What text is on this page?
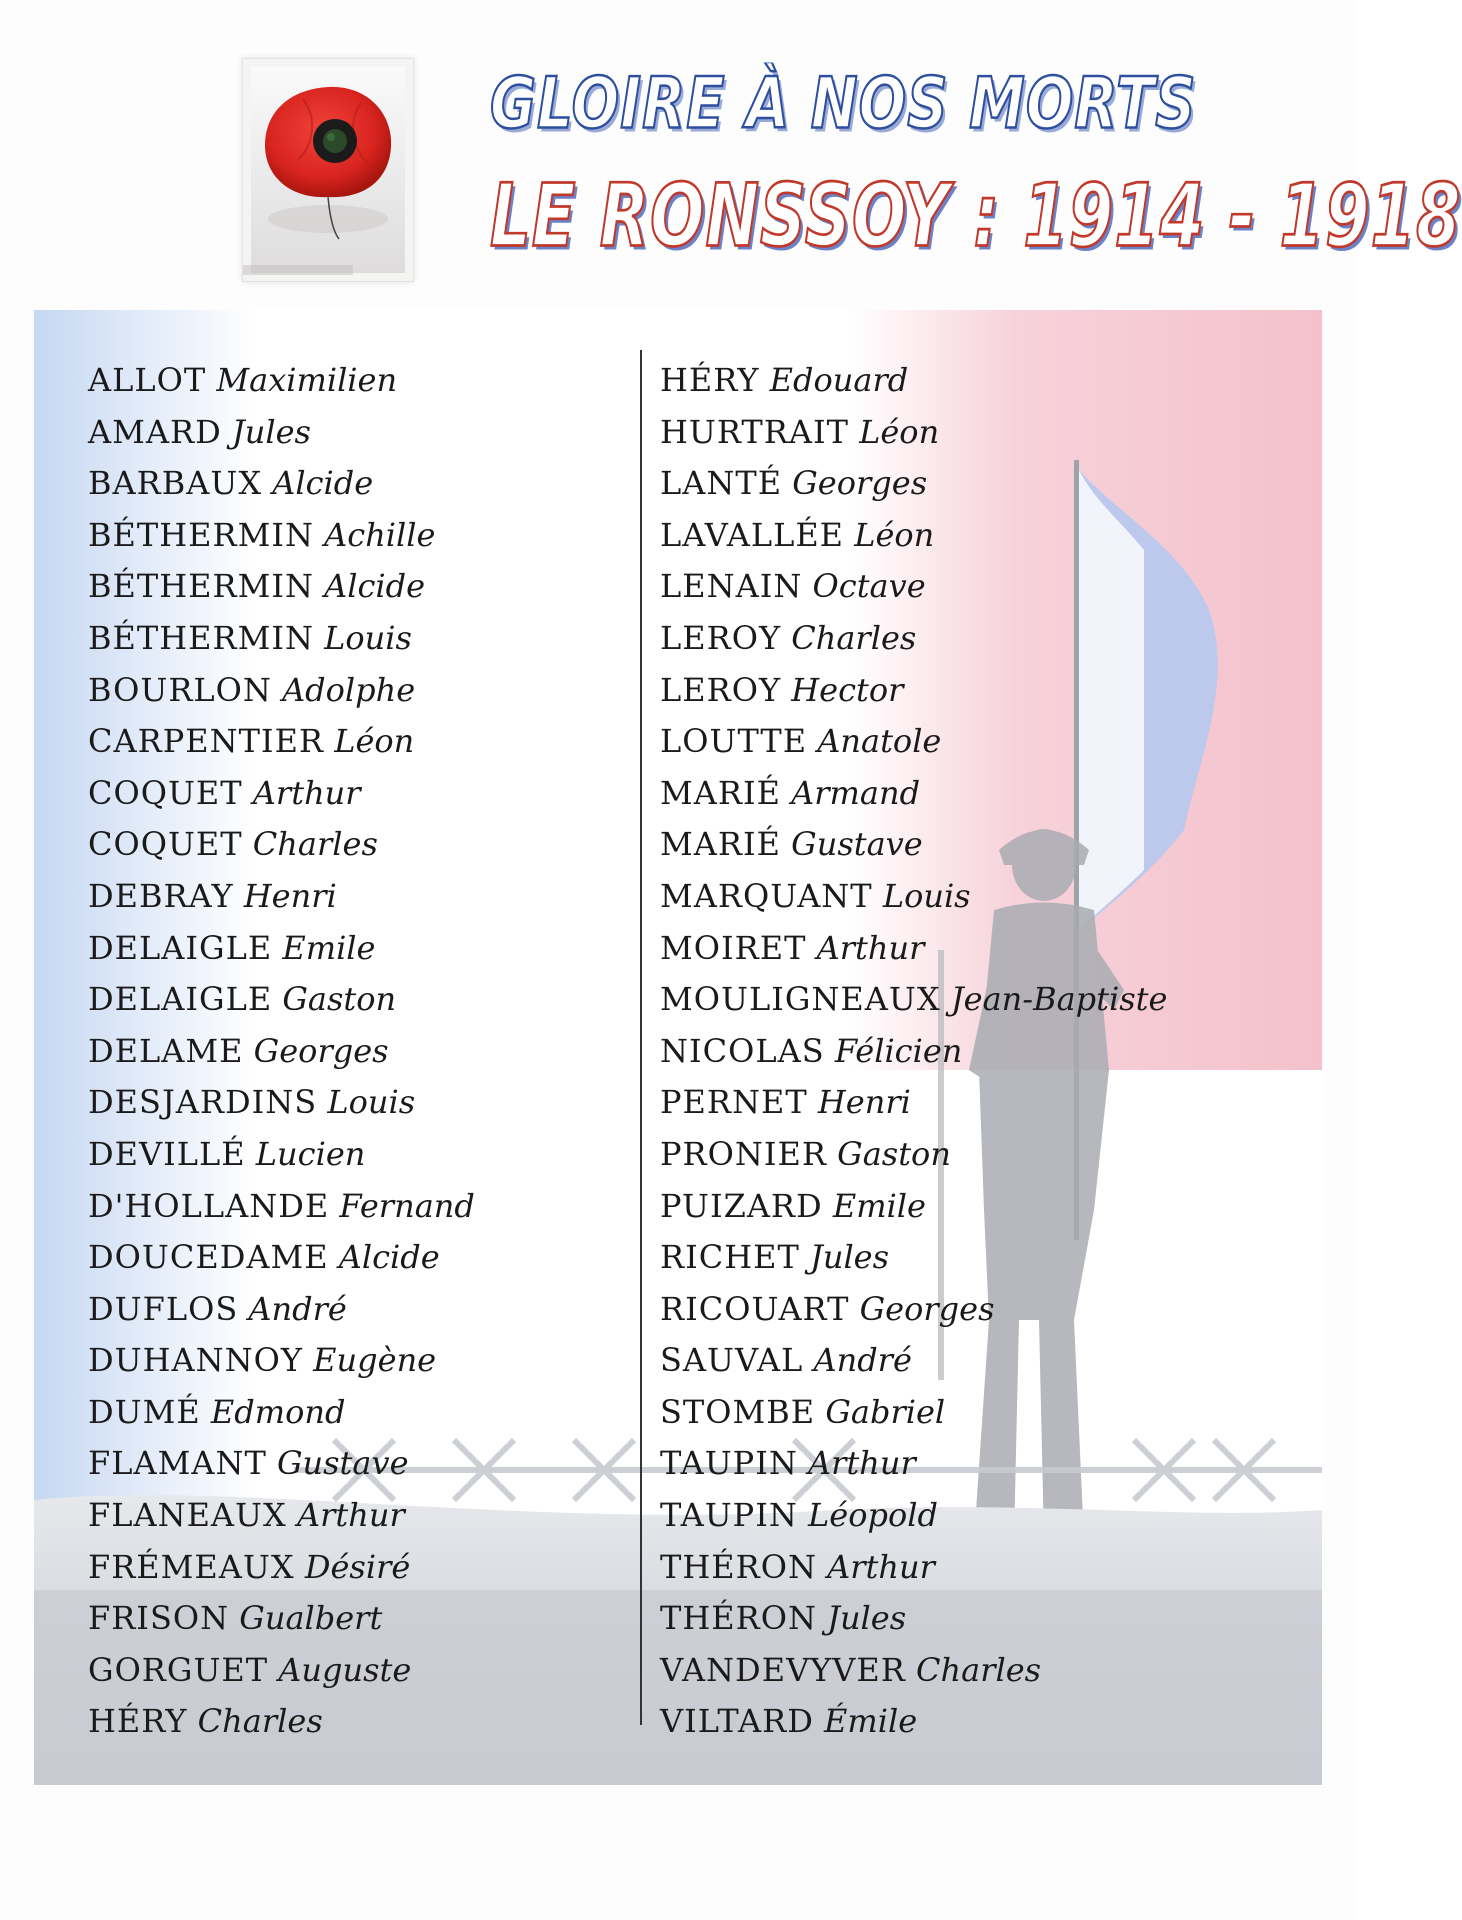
GLOIRE À NOS MORTS
LE RONSSOY : 1914 - 1918
ALLOT Maximilien
AMARD Jules
BARBAUX Alcide
BÉTHERMIN Achille
BÉTHERMIN Alcide
BÉTHERMIN Louis
BOURLON Adolphe
CARPENTIER Léon
COQUET Arthur
COQUET Charles
DEBRAY Henri
DELAIGLE Emile
DELAIGLE Gaston
DELAME Georges
DESJARDINS Louis
DEVILLÉ Lucien
D'HOLLANDE Fernand
DOUCEDAME Alcide
DUFLOS André
DUHANNOY Eugène
DUMÉ Edmond
FLAMANT Gustave
FLANEAUX Arthur
FRÉMEAUX Désiré
FRISON Gualbert
GORGUET Auguste
HÉRY Charles
HÉRY Edouard
HURTRAIT Léon
LANTÉ Georges
LAVALLÉE Léon
LENAIN Octave
LEROY Charles
LEROY Hector
LOUTTE Anatole
MARIÉ Armand
MARIÉ Gustave
MARQUANT Louis
MOIRET Arthur
MOULIGNEAUX Jean-Baptiste
NICOLAS Félicien
PERNET Henri
PRONIER Gaston
PUIZARD Emile
RICHET Jules
RICOUART Georges
SAUVAL André
STOMBE Gabriel
TAUPIN Arthur
TAUPIN Léopold
THÉRON Arthur
THÉRON Jules
VANDEVYVER Charles
VILTARD Émile
